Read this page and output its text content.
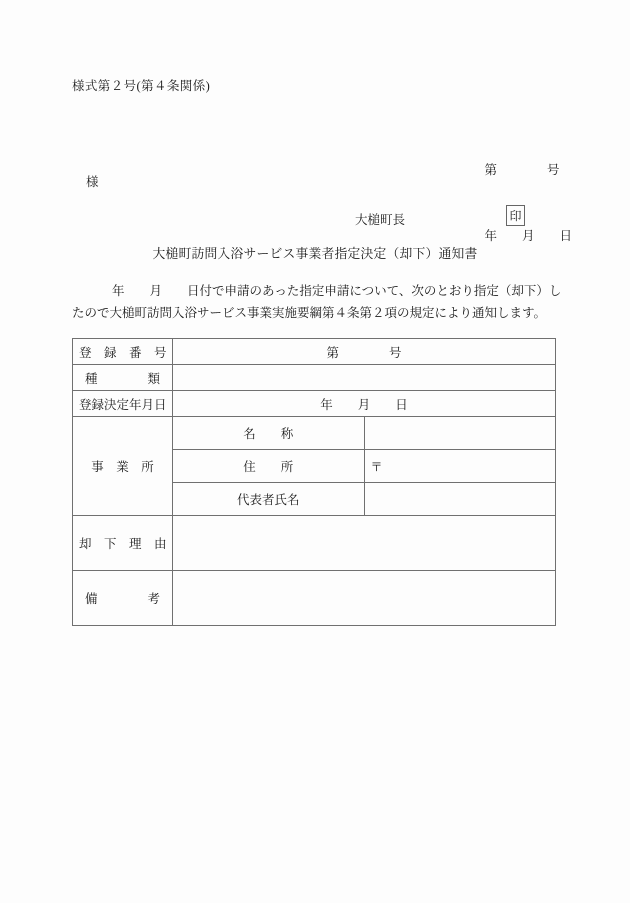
様式第２号(第４条関係)

第　　　　号

年　　月　　日

様
大槌町長	印
大槌町訪問入浴サービス事業者指定決定（却下）通知書
年　　月　　日付で申請のあった指定申請について、次のとおり指定（却下）し
たので大槌町訪問入浴サービス事業実施要綱第４条第２項の規定により通知します。
登　録　番　号	第　　　　号	
種　　　　類		
登録決定年月日	年　　月　　日	
事　業　所	名　　称	
	住　　所	〒
	代表者氏名	
却　下　理　由		
備　　　　考		
